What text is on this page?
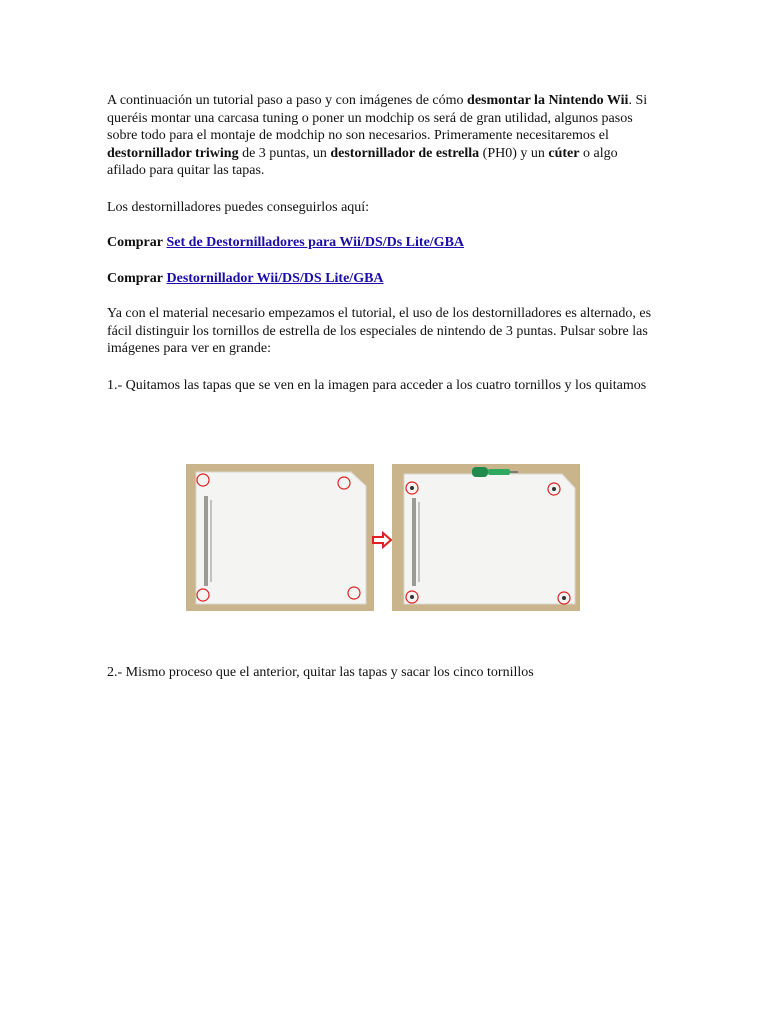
A continuación un tutorial paso a paso y con imágenes de cómo desmontar la Nintendo Wii. Si queréis montar una carcasa tuning o poner un modchip os será de gran utilidad, algunos pasos sobre todo para el montaje de modchip no son necesarios. Primeramente necesitaremos el destornillador triwing de 3 puntas, un destornillador de estrella (PH0) y un cúter o algo afilado para quitar las tapas.

Los destornilladores puedes conseguirlos aquí:

Comprar Set de Destornilladores para Wii/DS/Ds Lite/GBA

Comprar Destornillador Wii/DS/DS Lite/GBA

Ya con el material necesario empezamos el tutorial, el uso de los destornilladores es alternado, es fácil distinguir los tornillos de estrella de los especiales de nintendo de 3 puntas. Pulsar sobre las imágenes para ver en grande:

1.- Quitamos las tapas que se ven en la imagen para acceder a los cuatro tornillos y los quitamos

2.- Mismo proceso que el anterior, quitar las tapas y sacar los cinco tornillos
